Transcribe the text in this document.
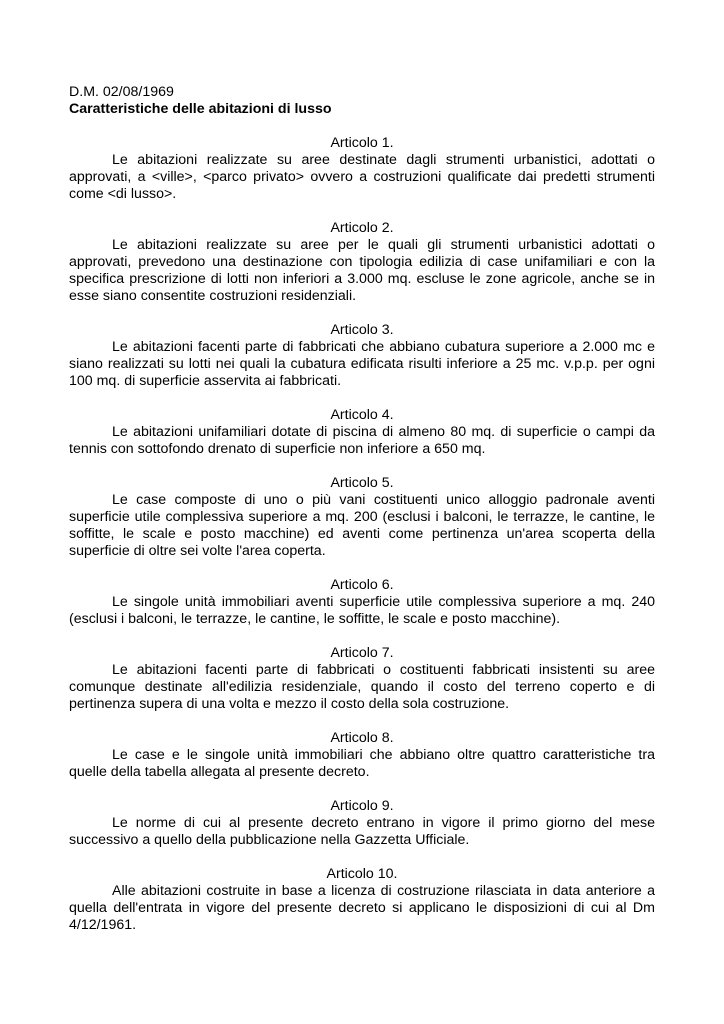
D.M. 02/08/1969
Caratteristiche delle abitazioni di lusso

Articolo 1.

Le abitazioni realizzate su aree destinate dagli strumenti urbanistici, adottati o approvati, a <ville>, <parco privato> ovvero a costruzioni qualificate dai predetti strumenti come <di lusso>.

Articolo 2.

Le abitazioni realizzate su aree per le quali gli strumenti urbanistici adottati o approvati, prevedono una destinazione con tipologia edilizia di case unifamiliari e con la specifica prescrizione di lotti non inferiori a 3.000 mq. escluse le zone agricole, anche se in esse siano consentite costruzioni residenziali.

Articolo 3.

Le abitazioni facenti parte di fabbricati che abbiano cubatura superiore a 2.000 mc e siano realizzati su lotti nei quali la cubatura edificata risulti inferiore a 25 mc. v.p.p. per ogni 100 mq. di superficie asservita ai fabbricati.

Articolo 4.

Le abitazioni unifamiliari dotate di piscina di almeno 80 mq. di superficie o campi da tennis con sottofondo drenato di superficie non inferiore a 650 mq.

Articolo 5.

Le case composte di uno o più vani costituenti unico alloggio padronale aventi superficie utile complessiva superiore a mq. 200 (esclusi i balconi, le terrazze, le cantine, le soffitte, le scale e posto macchine) ed aventi come pertinenza un'area scoperta della superficie di oltre sei volte l'area coperta.

Articolo 6.

Le singole unità immobiliari aventi superficie utile complessiva superiore a mq. 240 (esclusi i balconi, le terrazze, le cantine, le soffitte, le scale e posto macchine).

Articolo 7.

Le abitazioni facenti parte di fabbricati o costituenti fabbricati insistenti su aree comunque destinate all'edilizia residenziale, quando il costo del terreno coperto e di pertinenza supera di una volta e mezzo il costo della sola costruzione.

Articolo 8.

Le case e le singole unità immobiliari che abbiano oltre quattro caratteristiche tra quelle della tabella allegata al presente decreto.

Articolo 9.

Le norme di cui al presente decreto entrano in vigore il primo giorno del mese successivo a quello della pubblicazione nella Gazzetta Ufficiale.

Articolo 10.

Alle abitazioni costruite in base a licenza di costruzione rilasciata in data anteriore a quella dell'entrata in vigore del presente decreto si applicano le disposizioni di cui al Dm 4/12/1961.
